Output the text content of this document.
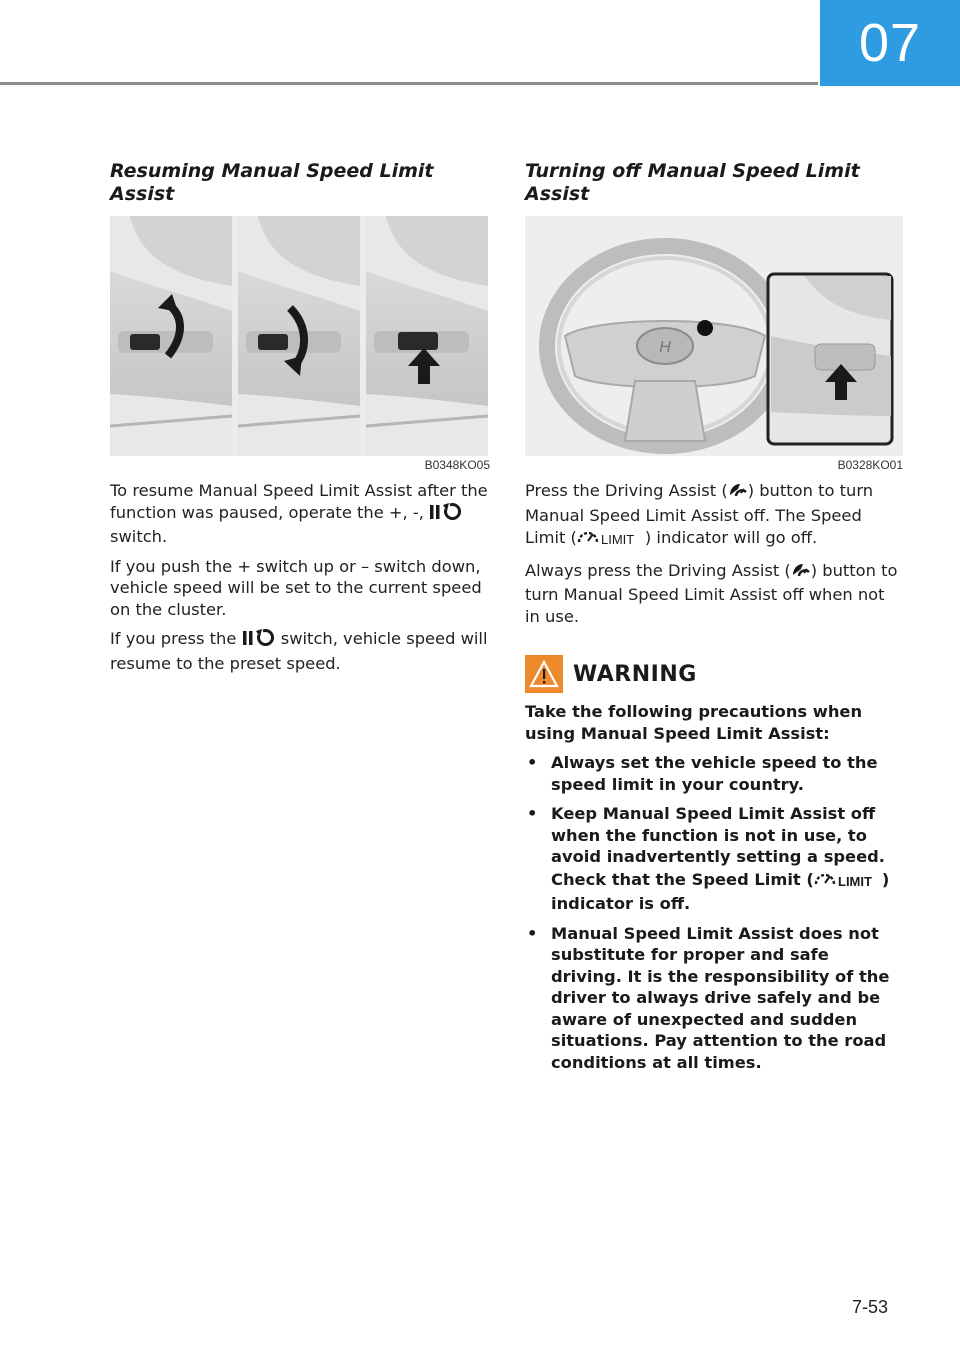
07
Resuming Manual Speed Limit Assist
B0348KO05

To resume Manual Speed Limit Assist after the function was paused, operate the +, -,  switch.

If you push the + switch up or – switch down, vehicle speed will be set to the current speed on the cluster.

If you press the	switch, vehicle speed will resume to the preset speed.

Turning off Manual Speed Limit Assist
H
B0328KO01

Press the Driving Assist ( ) button to turn Manual Speed Limit Assist off. The Speed Limit ( LIMIT ) indicator will go off.

Always press the Driving Assist ( ) button to turn Manual Speed Limit Assist off when not in use.

WARNING

Take the following precautions when using Manual Speed Limit Assist:

• Always set the vehicle speed to the speed limit in your country.
• Keep Manual Speed Limit Assist off when the function is not in use, to avoid inadvertently setting a speed. Check that the Speed Limit ( LIMIT ) indicator is off.
• Manual Speed Limit Assist does not substitute for proper and safe driving. It is the responsibility of the driver to always drive safely and be aware of unexpected and sudden situations. Pay attention to the road conditions at all times.
7-53
